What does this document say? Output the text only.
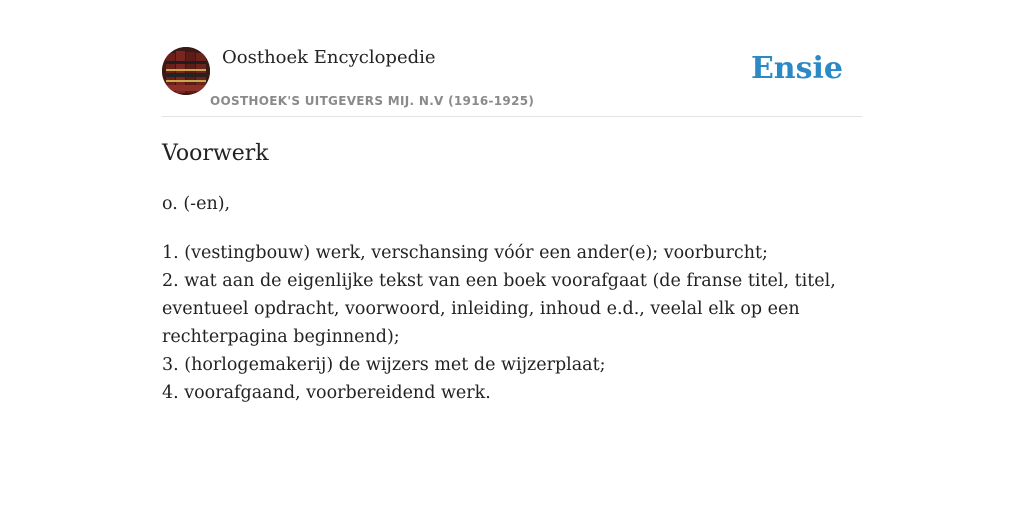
Oosthoek Encyclopedie
OOSTHOEK'S UITGEVERS MIJ. N.V (1916-1925)
Ensie
Voorwerk

o. (-en),

1. (vestingbouw) werk, verschansing vóór een ander(e); voorburcht;
2. wat aan de eigenlijke tekst van een boek voorafgaat (de franse titel, titel,
eventueel opdracht, voorwoord, inleiding, inhoud e.d., veelal elk op een
rechterpagina beginnend);
3. (horlogemakerij) de wijzers met de wijzerplaat;
4. voorafgaand, voorbereidend werk.
